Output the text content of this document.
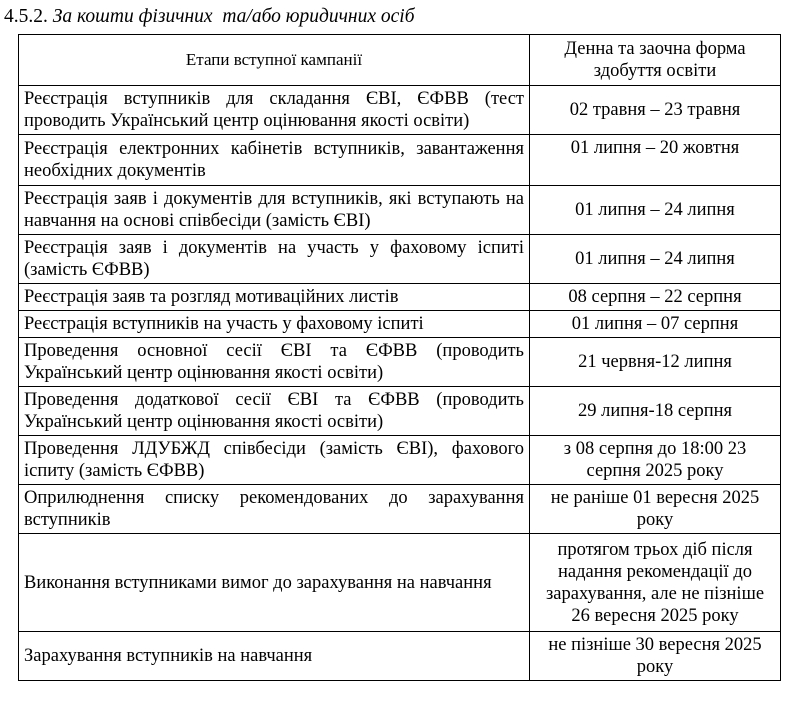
4.5.2. За кошти фізичних  та/або юридичних осіб
Етапи вступної кампанії	Денна та заочна форма здобуття освіти
Реєстрація вступників для складання ЄВІ, ЄФВВ (тест проводить Український центр оцінювання якості освіти)	02 травня – 23 травня
Реєстрація електронних кабінетів вступників, завантаження необхідних документів	01 липня – 20 жовтня
Реєстрація заяв і документів для вступників, які вступають на навчання на основі співбесіди (замість ЄВІ)	01 липня – 24 липня
Реєстрація заяв і документів на участь у фаховому іспиті (замість ЄФВВ)	01 липня – 24 липня
Реєстрація заяв та розгляд мотиваційних листів	08 серпня – 22 серпня
Реєстрація вступників на участь у фаховому іспиті	01 липня – 07 серпня
Проведення основної сесії ЄВІ та ЄФВВ (проводить Український центр оцінювання якості освіти)	21 червня-12 липня
Проведення додаткової сесії ЄВІ та ЄФВВ (проводить Український центр оцінювання якості освіти)	29 липня-18 серпня
Проведення ЛДУБЖД співбесіди (замість ЄВІ), фахового іспиту (замість ЄФВВ)	з 08 серпня до 18:00 23 серпня 2025 року
Оприлюднення списку рекомендованих до зарахування вступників	не раніше 01 вересня 2025 року
Виконання вступниками вимог до зарахування на навчання	протягом трьох діб після надання рекомендації до зарахування, але не пізніше 26 вересня 2025 року
Зарахування вступників на навчання	не пізніше 30 вересня 2025 року
